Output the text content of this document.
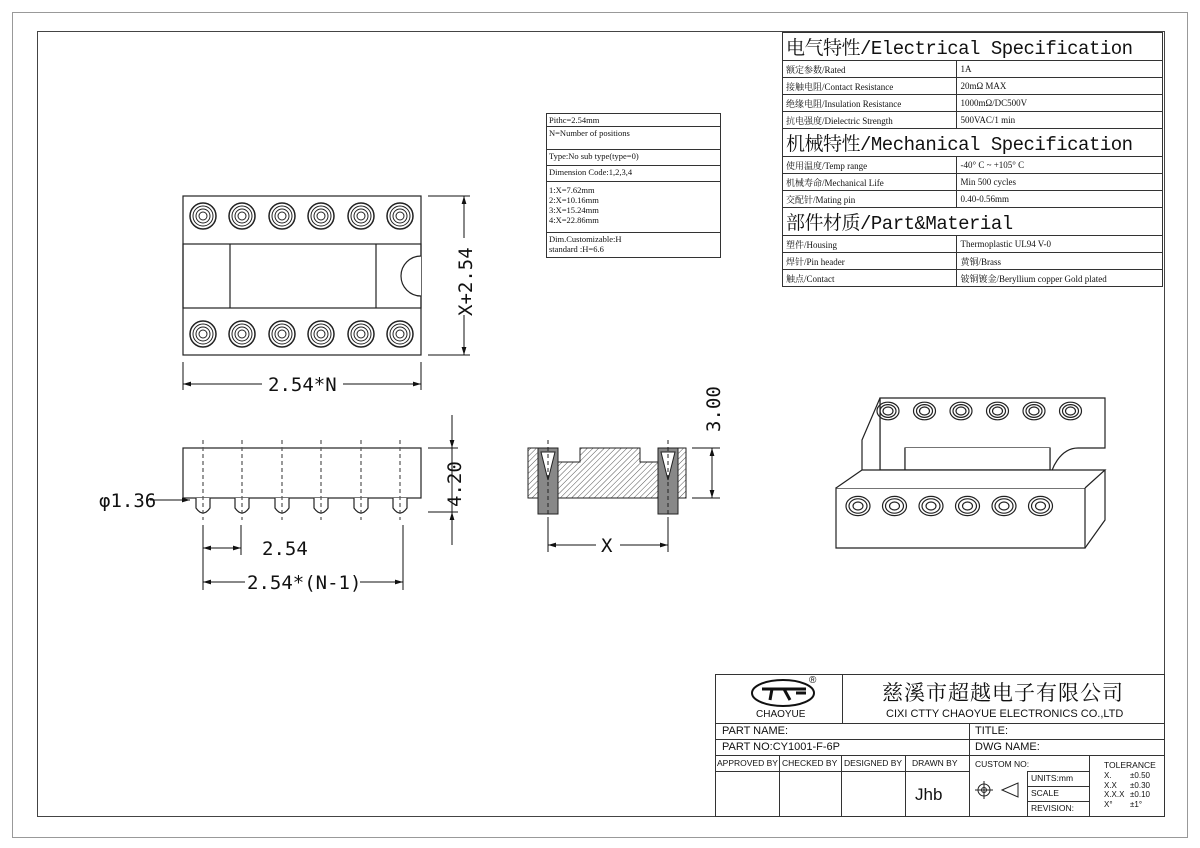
电气特性/Electrical Specification	
额定参数/Rated	1A
接触电阻/Contact Resistance	20mΩ MAX
绝缘电阻/Insulation Resistance	1000mΩ/DC500V
抗电强度/Dielectric Strength	500VAC/1 min
机械特性/Mechanical Specification	
使用温度/Temp range	-40° C ~ +105° C
机械寿命/Mechanical Life	Min 500 cycles
交配针/Mating pin	0.40-0.56mm
部件材质/Part&Material	
塑件/Housing	Thermoplastic UL94 V-0
焊针/Pin header	黄铜/Brass
触点/Contact	铍铜镀金/Beryllium copper Gold plated
Pithc=2.54mm
N=Number of positions
Type:No sub type(type=0)
Dimension Code:1,2,3,4

1:X=7.62mm
2:X=10.16mm
3:X=15.24mm
4:X=22.86mm

Dim.Customizable:H
standard :H=6.6
2.54*N
X+2.54
φ1.36
2.54
2.54*(N-1)
4.20
3.00
X
®
CHAOYUE
慈溪市超越电子有限公司
CIXI CTTY CHAOYUE ELECTRONICS CO.,LTD
PART NAME:	TITLE:
PART NO:CY1001-F-6P	DWG NAME:
APPROVED BY CHECKED BY DESIGNED BY DRAWN BY
Jhb
CUSTOM NO:
UNITS:mm
SCALE
REVISION:
TOLERANCE
X. ±0.50
X.X ±0.30
X.X.X ±0.10
X° ±1°
